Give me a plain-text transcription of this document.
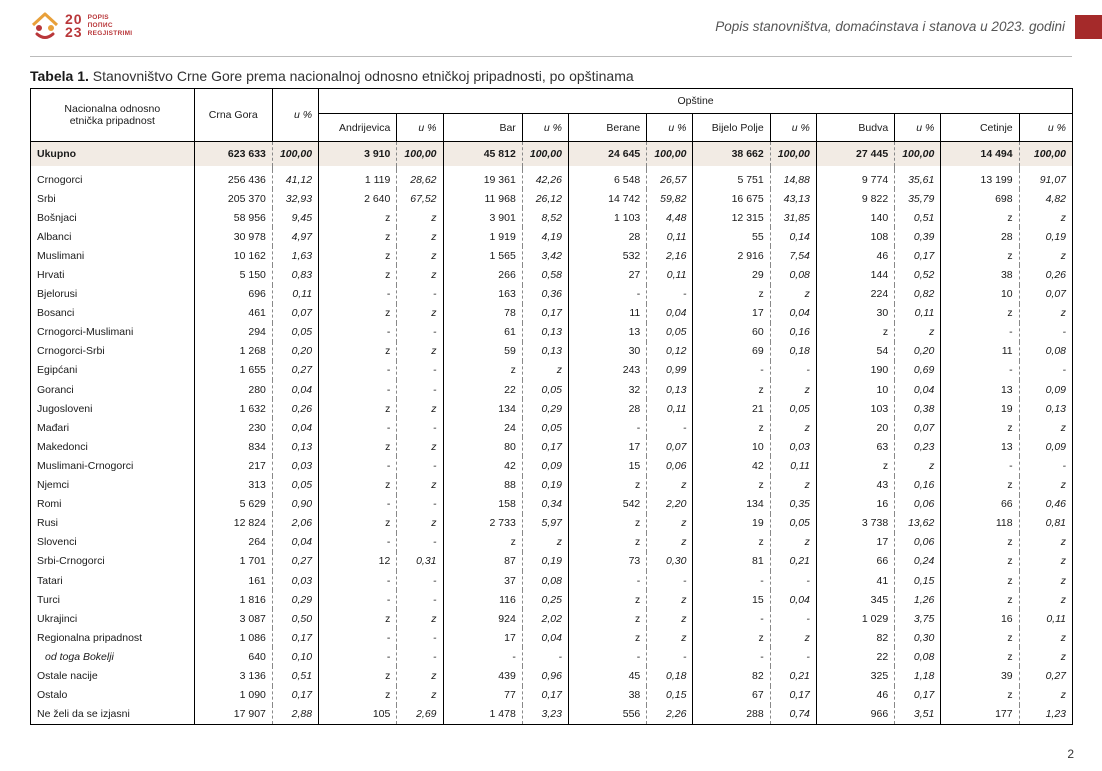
20
23
POPIS
ПОПИС
REGJISTRIMI	Popis stanovništva, domaćinstava i stanova u 2023. godini
Tabela 1. Stanovništvo Crne Gore prema nacionalnoj odnosno etničkoj pripadnosti, po opštinama
Nacionalna odnosno
etnička pripadnost	Crna Gora	u %	Opštine											
			Andrijevica	u %	Bar	u %	Berane	u %	Bijelo Polje	u %	Budva	u %	Cetinje	u %
Ukupno	623 633	100,00	3 910	100,00	45 812	100,00	24 645	100,00	38 662	100,00	27 445	100,00	14 494	100,00

Crnogorci	256 436	41,12	1 119	28,62	19 361	42,26	6 548	26,57	5 751	14,88	9 774	35,61	13 199	91,07
Srbi	205 370	32,93	2 640	67,52	11 968	26,12	14 742	59,82	16 675	43,13	9 822	35,79	698	4,82
Bošnjaci	58 956	9,45	z	z	3 901	8,52	1 103	4,48	12 315	31,85	140	0,51	z	z
Albanci	30 978	4,97	z	z	1 919	4,19	28	0,11	55	0,14	108	0,39	28	0,19
Muslimani	10 162	1,63	z	z	1 565	3,42	532	2,16	2 916	7,54	46	0,17	z	z
Hrvati	5 150	0,83	z	z	266	0,58	27	0,11	29	0,08	144	0,52	38	0,26
Bjelorusi	696	0,11	-	-	163	0,36	-	-	z	z	224	0,82	10	0,07
Bosanci	461	0,07	z	z	78	0,17	11	0,04	17	0,04	30	0,11	z	z
Crnogorci-Muslimani	294	0,05	-	-	61	0,13	13	0,05	60	0,16	z	z	-	-
Crnogorci-Srbi	1 268	0,20	z	z	59	0,13	30	0,12	69	0,18	54	0,20	11	0,08
Egipćani	1 655	0,27	-	-	z	z	243	0,99	-	-	190	0,69	-	-
Goranci	280	0,04	-	-	22	0,05	32	0,13	z	z	10	0,04	13	0,09
Jugosloveni	1 632	0,26	z	z	134	0,29	28	0,11	21	0,05	103	0,38	19	0,13
Mađari	230	0,04	-	-	24	0,05	-	-	z	z	20	0,07	z	z
Makedonci	834	0,13	z	z	80	0,17	17	0,07	10	0,03	63	0,23	13	0,09
Muslimani-Crnogorci	217	0,03	-	-	42	0,09	15	0,06	42	0,11	z	z	-	-
Njemci	313	0,05	z	z	88	0,19	z	z	z	z	43	0,16	z	z
Romi	5 629	0,90	-	-	158	0,34	542	2,20	134	0,35	16	0,06	66	0,46
Rusi	12 824	2,06	z	z	2 733	5,97	z	z	19	0,05	3 738	13,62	118	0,81
Slovenci	264	0,04	-	-	z	z	z	z	z	z	17	0,06	z	z
Srbi-Crnogorci	1 701	0,27	12	0,31	87	0,19	73	0,30	81	0,21	66	0,24	z	z
Tatari	161	0,03	-	-	37	0,08	-	-	-	-	41	0,15	z	z
Turci	1 816	0,29	-	-	116	0,25	z	z	15	0,04	345	1,26	z	z
Ukrajinci	3 087	0,50	z	z	924	2,02	z	z	-	-	1 029	3,75	16	0,11
Regionalna pripadnost	1 086	0,17	-	-	17	0,04	z	z	z	z	82	0,30	z	z
od toga Bokelji	640	0,10	-	-	-	-	-	-	-	-	22	0,08	z	z
Ostale nacije	3 136	0,51	z	z	439	0,96	45	0,18	82	0,21	325	1,18	39	0,27
Ostalo	1 090	0,17	z	z	77	0,17	38	0,15	67	0,17	46	0,17	z	z
Ne želi da se izjasni	17 907	2,88	105	2,69	1 478	3,23	556	2,26	288	0,74	966	3,51	177	1,23
2
